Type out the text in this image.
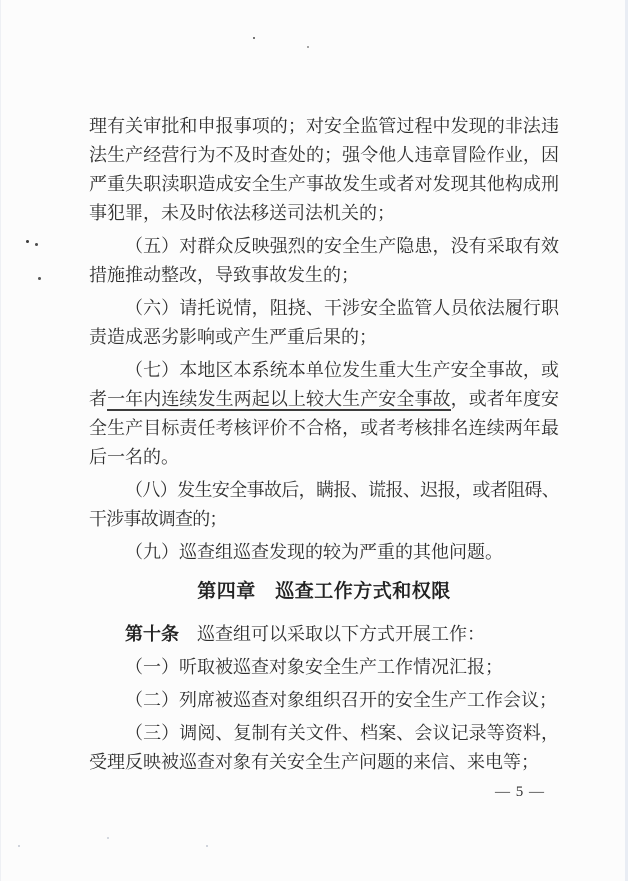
理有关审批和申报事项的；对安全监管过程中发现的非法违法生产经营行为不及时查处的；强令他人违章冒险作业，因严重失职渎职造成安全生产事故发生或者对发现其他构成刑事犯罪，未及时依法移送司法机关的；

（五）对群众反映强烈的安全生产隐患，没有采取有效措施推动整改，导致事故发生的；

（六）请托说情，阻挠、干涉安全监管人员依法履行职责造成恶劣影响或产生严重后果的；

（七）本地区本系统本单位发生重大生产安全事故，或者一年内连续发生两起以上较大生产安全事故，或者年度安全生产目标责任考核评价不合格，或者考核排名连续两年最后一名的。

（八）发生安全事故后，瞒报、谎报、迟报，或者阻碍、干涉事故调查的；

（九）巡查组巡查发现的较为严重的其他问题。

第四章　巡查工作方式和权限

第十条　巡查组可以采取以下方式开展工作：

（一）听取被巡查对象安全生产工作情况汇报；

（二）列席被巡查对象组织召开的安全生产工作会议；

（三）调阅、复制有关文件、档案、会议记录等资料，受理反映被巡查对象有关安全生产问题的来信、来电等；

— 5 —
